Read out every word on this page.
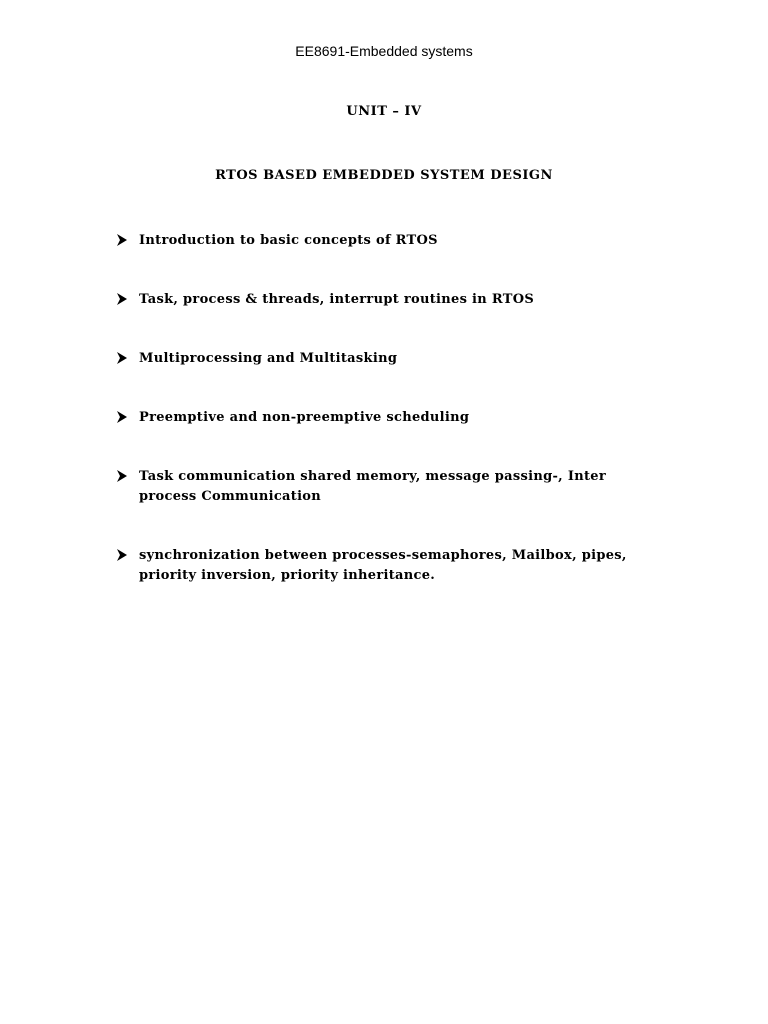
EE8691-Embedded systems
UNIT – IV
RTOS BASED EMBEDDED SYSTEM DESIGN
Introduction to basic concepts of RTOS
Task, process & threads, interrupt routines in RTOS
Multiprocessing and Multitasking
Preemptive and non-preemptive scheduling
Task communication shared memory, message passing-, Inter process Communication
synchronization between processes-semaphores, Mailbox, pipes, priority inversion, priority inheritance.
